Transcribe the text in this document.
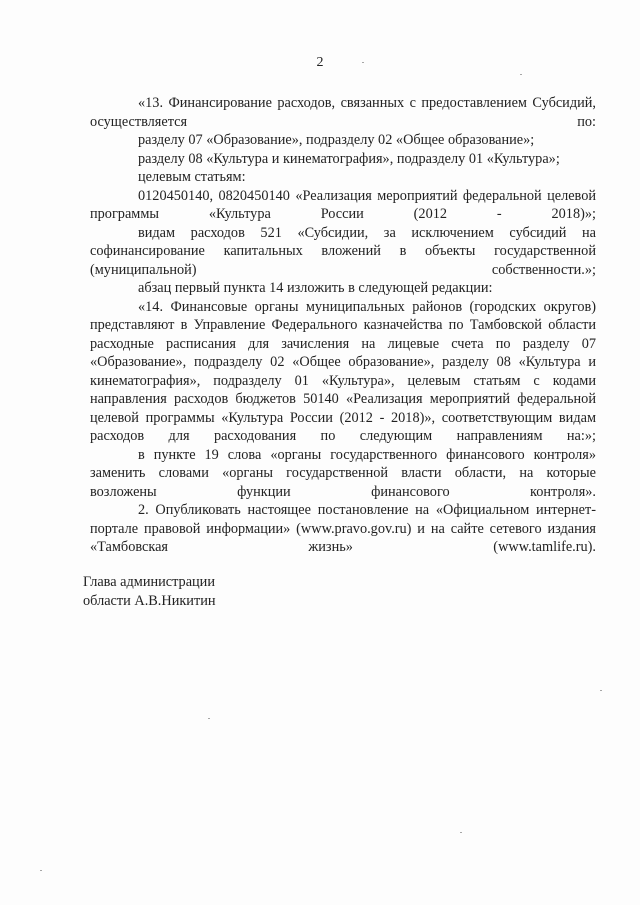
2

«13. Финансирование расходов, связанных с предоставлением Субсидий, осуществляется по:

разделу 07 «Образование», подразделу 02 «Общее образование»;

разделу 08 «Культура и кинематография», подразделу 01 «Культура»;

целевым статьям:

0120450140, 0820450140 «Реализация мероприятий федеральной целевой программы «Культура России (2012 - 2018)»;

видам расходов 521 «Субсидии, за исключением субсидий на софинансирование капитальных вложений в объекты государственной (муниципальной) собственности.»;

абзац первый пункта 14 изложить в следующей редакции:

«14. Финансовые органы муниципальных районов (городских округов) представляют в Управление Федерального казначейства по Тамбовской области расходные расписания для зачисления на лицевые счета по разделу 07 «Образование», подразделу 02 «Общее образование», разделу 08 «Культура и кинематография», подразделу 01 «Культура», целевым статьям с кодами направления расходов бюджетов 50140 «Реализация мероприятий федеральной целевой программы «Культура России (2012 - 2018)», соответствующим видам расходов для расходования по следующим направлениям на:»;

в пункте 19 слова «органы государственного финансового контроля» заменить словами «органы государственной власти области, на которые возложены функции финансового контроля».

2. Опубликовать настоящее постановление на «Официальном интернет-портале правовой информации» (www.pravo.gov.ru) и на сайте сетевого издания «Тамбовская жизнь» (www.tamlife.ru).

Глава администрации
области А.В.Никитин
